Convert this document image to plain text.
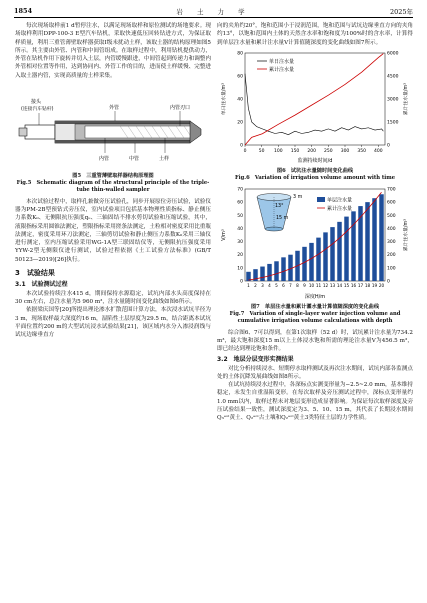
1854	岩 土 力 学	2025年

每次现场取样前1 d暂停注水，以满足现场取样和原位测试的场地要求。现场取样利用DPP-100-3 E型汽车钻机，采取快速低压回转钻进方式，为保证取样质量，利用三重管薄壁取样器获取Ⅰ级未扰动土样，该取土器的结构原理如图5所示。其主要由外管、内管和中间管组成。在取样过程中，利用钻机提供动力，外管在钻机作用下旋转并切入土层，内管缓慢跟进，中间管起到传递力和调整内外管相对位置等作用，达到协同内、外管工作的目的，进而使土样缓慢、完整进入取土器内管，实现高质量的土样采集。

接头
(连接汽车钻杆)	外管	内管刃口
内管	中管	土样
图5　三重管薄壁取样器结构原理图
Fig.5　Schematic diagram of the structural principle of the triple-tube thin-walled sampler

本次试验过程中，取样孔兼做旁压试验孔，同步开展原位旁压试验，试验仪器为PM-2B型预钻式旁压仪，室内试验项目包括基本物理性质指标、静止侧压力系数K₀、无侧限抗压强度qᵤ、三轴固结不排水剪切试验和压缩试验，其中，液限指标采用圆锥法测定，塑限指标采用搓条法测定，土粒相对密度采用比重瓶法测定，密度采用环刀法测定，三轴剪切试验和静止侧压力系数K₀采用三轴仪进行测定，室内压缩试验采用WG-1A型三联固结仪等，无侧限抗压强度采用YYW-2型无侧限仪进行测试，试验过程依据《土工试验方法标准》(GB/T 50123—2019)[26]执行。

3　试验结果
3.1　试验测试过程

本次试验持续注水415 d，期间保持水源稳定，试坑内部水头高度保持在30 cm左右，总注水量为5 960 m³，注水量随时间变化曲线如图6所示。

依据梁庆国等[20]所提出理论渗水扩散范围计算方法，本次浸水试坑半径为3 m，现场取样最大深度约16 m，湿陷性土层厚度为29.5 m，结合距离本试坑平面位置约200 m的大型试坑浸水试验结果[21]，该区域内水分入渗浸润线与试坑边缘垂直方

向的夹角约20°，饱和范围小于浸润范围，饱和范围与试坑边缘垂直方向的夹角约13°，以饱和范围内土体的天然含水率和饱和度为100%时的含水率，计算得到单层注水量和累计注水量V计算值随深度的变化曲线如图7所示。

0	50 100 150 200 250 300 350 400
0
20
40
60
80
0
1500
3000
4500
6000
单日注水量
累计注水量
单日注水量/m³	累计注水量/m³
监测持续时间/d
图6　试坑注水量随时间变化曲线
Fig.6　Variation of irrigation volume amount with time
1 2 3 4 5 6 7 8 9 10 11 12 13 14 15 16 17 18 19 20
0
10
20
30
40
50
60
70
0
100
200
300
400
500
600
700
3 m
13°
15 m
单层注水量
累计注水量
V/m³	累计注水量/m³
深度H/m
图7　单层注水量和累计灌水量计算值随深度的变化曲线
Fig.7　Variation of single-layer water injection volume and cumulative irrigation volume calculations with depth

综合图6、7可以得到，在第1次取样（52 d）时，试坑累计注水量为734.2 m³，最大饱和深度15 m以上土体浸水饱和所需的理论注水量V为456.5 m³，即已经达到理论饱和条件。

3.2　地层分层变形实测结果

对比分析持续浸水、短期停水取样测试及再次注水期间，试坑内部各监测点处的土体沉降发展曲线如图8所示。

在试坑持续浸水过程中，各深标点实测变形量为−2.5~2.0 mm，基本维持稳定，未发生自重湿陷变形。在每次取样及旁压测试过程中，深标点变形量约1.0 mm以内，取样过程未对地层变形造成显著影响。为保证每次取样深度及旁压试验结果一致性，测试深度定为3、5、10、15 m，其代表了长期浸水期间Q₃ᵉᵒˡ黄土、Q₂ᵉᵒˡ古土壤和Q₂ᵉᵒˡ黄土3类特征土层的力学性质。
